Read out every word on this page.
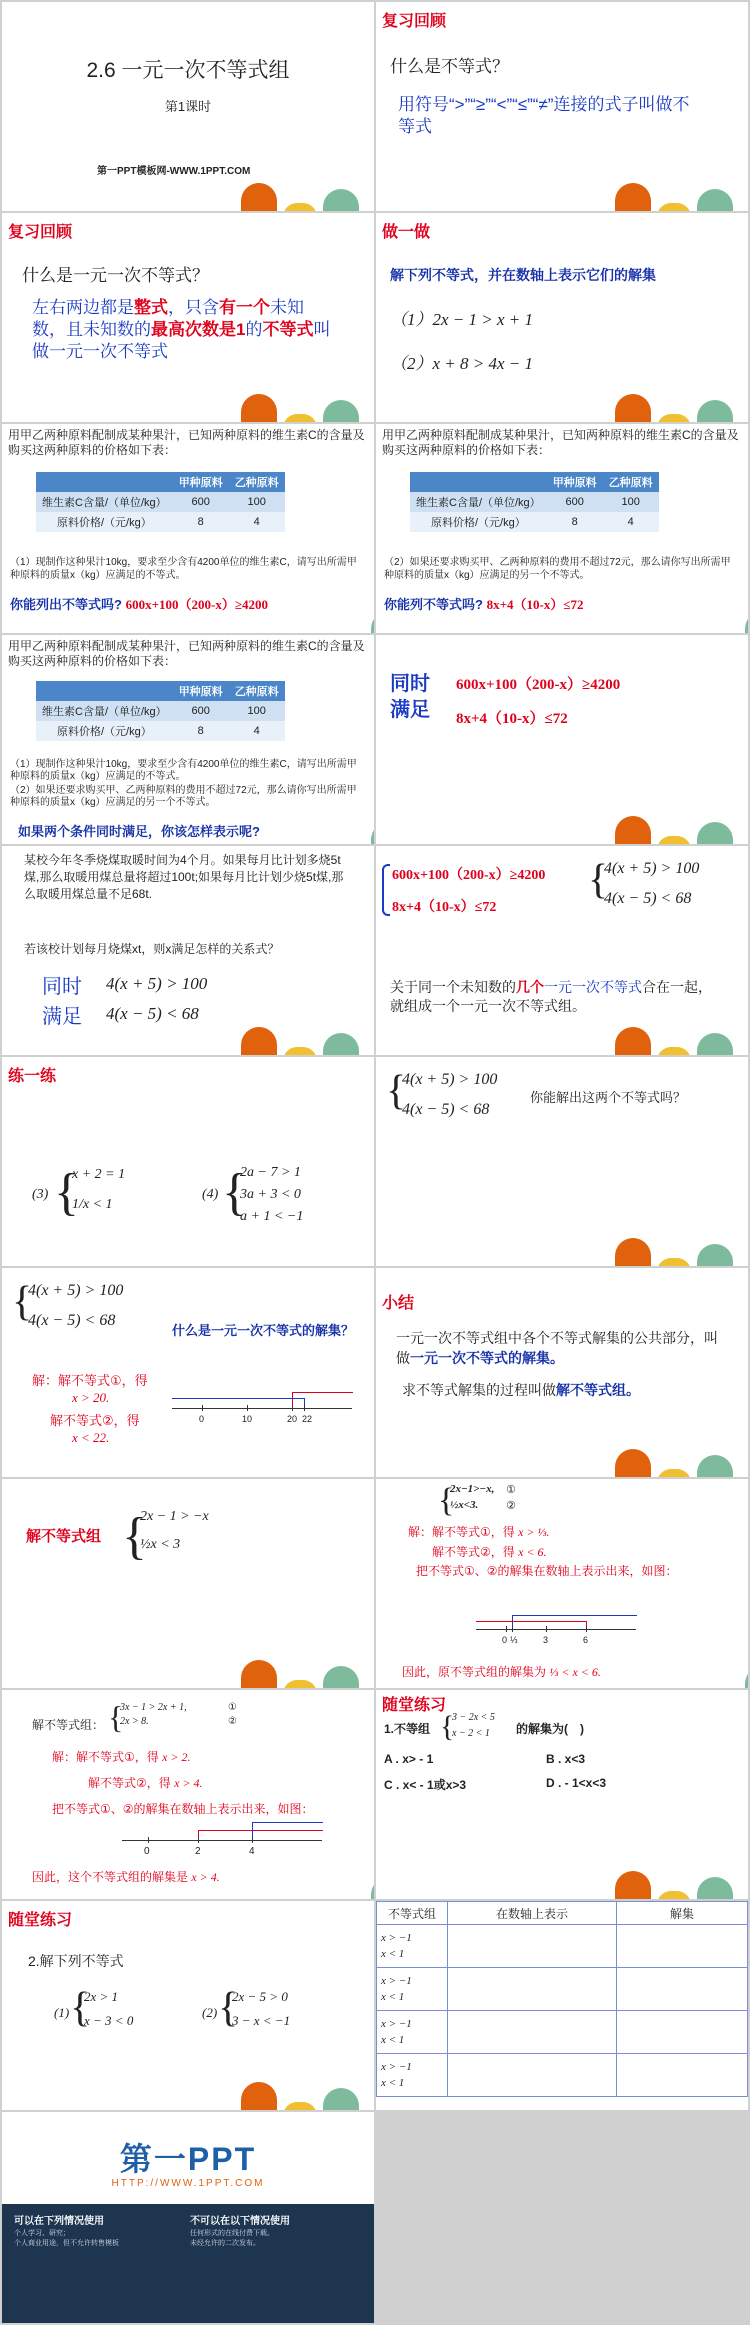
2.6 一元一次不等式组
第1课时
第一PPT模板网-WWW.1PPT.COM
复习回顾
什么是不等式？
用符号“>”“≥”“<”“≤”“≠”连接的式子叫做不等式
复习回顾
什么是一元一次不等式？
左右两边都是整式，只含有一个未知数，且未知数的最高次数是1的不等式叫做一元一次不等式
做一做
解下列不等式，并在数轴上表示它们的解集
（1）2x − 1 > x + 1
（2）x + 8 > 4x − 1
用甲乙两种原料配制成某种果汁，已知两种原料的维生素C的含量及购买这两种原料的价格如下表：
	甲种原料	乙种原料
维生素C含量/（单位/kg）	600	100
原料价格/（元/kg）	8	4
（1）现制作这种果汁10kg，要求至少含有4200单位的维生素C，请写出所需甲种原料的质量x（kg）应满足的不等式。
你能列出不等式吗? 600x+100（200-x）≥4200
用甲乙两种原料配制成某种果汁，已知两种原料的维生素C的含量及购买这两种原料的价格如下表：
	甲种原料	乙种原料
维生素C含量/（单位/kg）	600	100
原料价格/（元/kg）	8	4
（2）如果还要求购买甲、乙两种原料的费用不超过72元，那么请你写出所需甲种原料的质量x（kg）应满足的另一个不等式。
你能列不等式吗? 8x+4（10-x）≤72
用甲乙两种原料配制成某种果汁，已知两种原料的维生素C的含量及购买这两种原料的价格如下表：
	甲种原料	乙种原料
维生素C含量/（单位/kg）	600	100
原料价格/（元/kg）	8	4
（1）现制作这种果汁10kg，要求至少含有4200单位的维生素C，请写出所需甲种原料的质量x（kg）应满足的不等式。
（2）如果还要求购买甲、乙两种原料的费用不超过72元，那么请你写出所需甲种原料的质量x（kg）应满足的另一个不等式。
如果两个条件同时满足，你该怎样表示呢?
同时
满足
600x+100（200-x）≥4200
8x+4（10-x）≤72
某校今年冬季烧煤取暖时间为4个月。如果每月比计划多烧5t煤,那么取暖用煤总量将超过100t;如果每月比计划少烧5t煤,那么取暖用煤总量不足68t.
若该校计划每月烧煤xt，则x满足怎样的关系式？
同时
满足
4(x + 5) > 100
4(x − 5) < 68
600x+100（200-x）≥4200
8x+4（10-x）≤72
{
4(x + 5) > 100
4(x − 5) < 68
关于同一个未知数的几个一元一次不等式合在一起，就组成一个一元一次不等式组。
练一练
(3) {
x + 2 = 1
1/x < 1
(4) {
2a − 7 > 1
3a + 3 < 0
a + 1 < −1
{
4(x + 5) > 100
4(x − 5) < 68
你能解出这两个不等式吗？
{
4(x + 5) > 100
4(x − 5) < 68
什么是一元一次不等式的解集？
解：解不等式①，得
x > 20.
解不等式②，得
x < 22.
0	10	20 22
小结
一元一次不等式组中各个不等式解集的公共部分，叫做一元一次不等式的解集。
求不等式解集的过程叫做解不等式组。
解不等式组 {
2x − 1 > −x
½x < 3
{
2x−1>−x,
½x<3.
①
②
解：解不等式①，得 x > ⅓.
解不等式②，得 x < 6.
把不等式①、②的解集在数轴上表示出来，如图：
0 ⅓	3	6
因此，原不等式组的解集为 ⅓ < x < 6.
解不等式组： {
3x − 1 > 2x + 1,
2x > 8.
①
②
解：解不等式①，得 x > 2.
解不等式②，得 x > 4.
把不等式①、②的解集在数轴上表示出来，如图：
0	2	4
因此，这个不等式组的解集是 x > 4.
随堂练习
1.不等组 {
3 − 2x < 5
x − 2 < 1 的解集为(　)
A . x> - 1	B . x<3
C . x< - 1或x>3	D . - 1<x<3
随堂练习
2.解下列不等式
(1) {
2x > 1
x − 3 < 0
(2) {
2x − 5 > 0
3 − x < −1
不等式组	在数轴上表示	解集

x > −1
x < 1		

x > −1
x < 1		

x > −1
x < 1		

x > −1
x < 1		

第一PPT
HTTP://WWW.1PPT.COM
可以在下列情况使用
个人学习、研究；
个人商业用途，但不允许转售模板
不可以在以下情况使用
任何形式的在线付费下载。
未经允许的二次发布。
